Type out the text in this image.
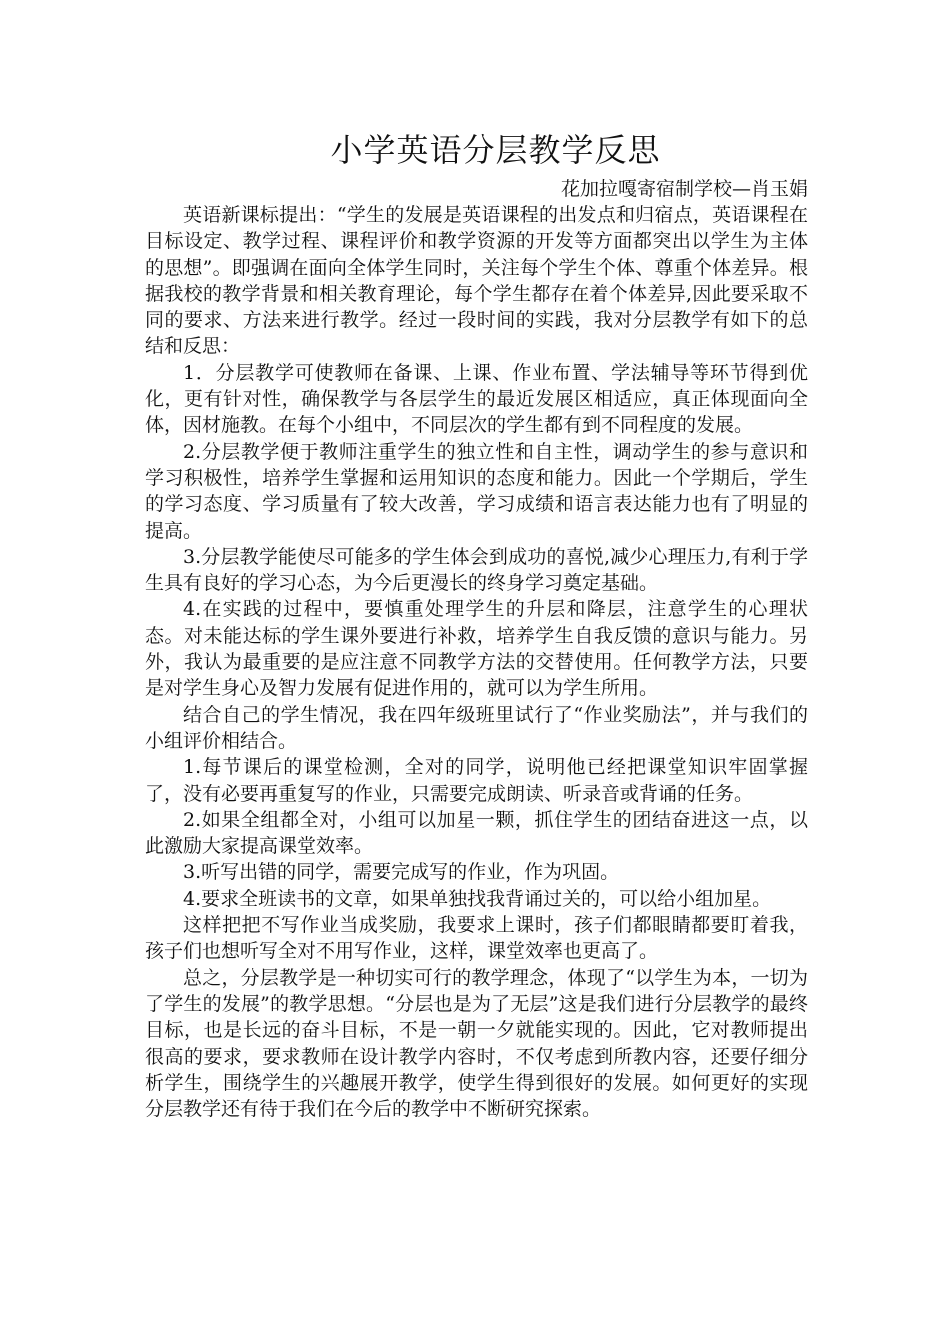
小学英语分层教学反思

花加拉嘎寄宿制学校—肖玉娟

英语新课标提出：“学生的发展是英语课程的出发点和归宿点，英语课程在目标设定、教学过程、课程评价和教学资源的开发等方面都突出以学生为主体的思想”。即强调在面向全体学生同时，关注每个学生个体、尊重个体差异。根据我校的教学背景和相关教育理论，每个学生都存在着个体差异,因此要采取不同的要求、方法来进行教学。经过一段时间的实践，我对分层教学有如下的总结和反思：

1．分层教学可使教师在备课、上课、作业布置、学法辅导等环节得到优化，更有针对性，确保教学与各层学生的最近发展区相适应，真正体现面向全体，因材施教。在每个小组中，不同层次的学生都有到不同程度的发展。

2.分层教学便于教师注重学生的独立性和自主性，调动学生的参与意识和学习积极性，培养学生掌握和运用知识的态度和能力。因此一个学期后，学生的学习态度、学习质量有了较大改善，学习成绩和语言表达能力也有了明显的提高。

3.分层教学能使尽可能多的学生体会到成功的喜悦,减少心理压力,有利于学生具有良好的学习心态，为今后更漫长的终身学习奠定基础。

4.在实践的过程中，要慎重处理学生的升层和降层，注意学生的心理状态。对未能达标的学生课外要进行补救，培养学生自我反馈的意识与能力。另外，我认为最重要的是应注意不同教学方法的交替使用。任何教学方法，只要是对学生身心及智力发展有促进作用的，就可以为学生所用。

结合自己的学生情况，我在四年级班里试行了“作业奖励法”，并与我们的小组评价相结合。

1.每节课后的课堂检测，全对的同学，说明他已经把课堂知识牢固掌握了，没有必要再重复写的作业，只需要完成朗读、听录音或背诵的任务。

2.如果全组都全对，小组可以加星一颗，抓住学生的团结奋进这一点，以此激励大家提高课堂效率。

3.听写出错的同学，需要完成写的作业，作为巩固。

4.要求全班读书的文章，如果单独找我背诵过关的，可以给小组加星。

这样把把不写作业当成奖励，我要求上课时，孩子们都眼睛都要盯着我，孩子们也想听写全对不用写作业，这样，课堂效率也更高了。

总之，分层教学是一种切实可行的教学理念，体现了“以学生为本，一切为了学生的发展”的教学思想。“分层也是为了无层”这是我们进行分层教学的最终目标，也是长远的奋斗目标，不是一朝一夕就能实现的。因此，它对教师提出很高的要求，要求教师在设计教学内容时，不仅考虑到所教内容，还要仔细分析学生，围绕学生的兴趣展开教学，使学生得到很好的发展。如何更好的实现分层教学还有待于我们在今后的教学中不断研究探索。
